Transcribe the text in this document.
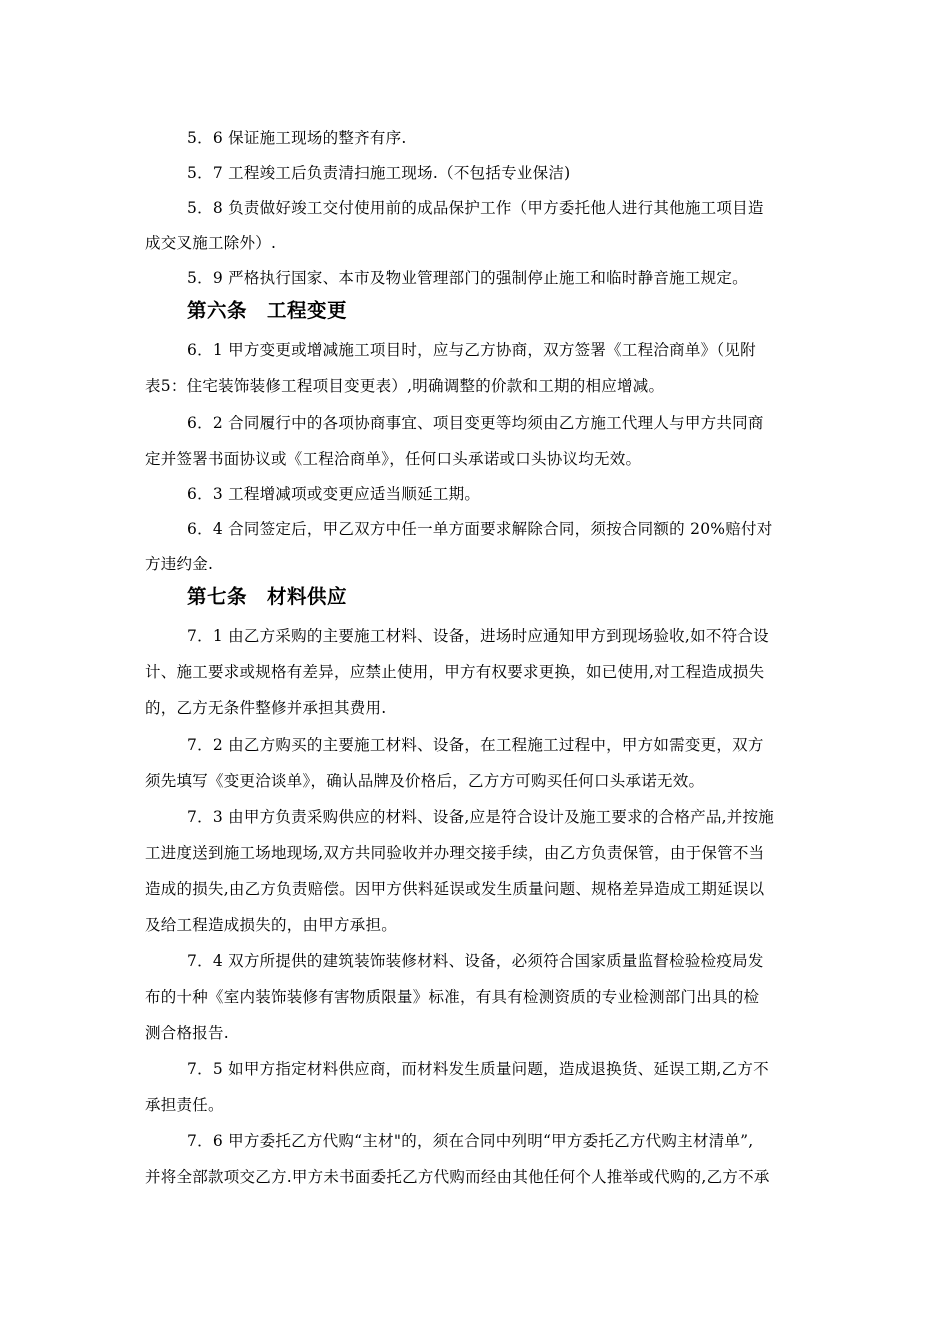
5．6 保证施工现场的整齐有序.
5．7 工程竣工后负责清扫施工现场.（不包括专业保洁)
5．8 负责做好竣工交付使用前的成品保护工作（甲方委托他人进行其他施工项目造
成交叉施工除外）.
5．9 严格执行国家、本市及物业管理部门的强制停止施工和临时静音施工规定。
第六条　工程变更
6．1 甲方变更或增减施工项目时，应与乙方协商，双方签署《工程洽商单》（见附
表5：住宅装饰装修工程项目变更表）,明确调整的价款和工期的相应增减。
6．2 合同履行中的各项协商事宜、项目变更等均须由乙方施工代理人与甲方共同商
定并签署书面协议或《工程洽商单》，任何口头承诺或口头协议均无效。
6．3 工程增减项或变更应适当顺延工期。
6．4 合同签定后，甲乙双方中任一单方面要求解除合同，须按合同额的 20%赔付对
方违约金.
第七条　材料供应
7．1 由乙方采购的主要施工材料、设备，进场时应通知甲方到现场验收,如不符合设
计、施工要求或规格有差异，应禁止使用，甲方有权要求更换，如已使用,对工程造成损失
的，乙方无条件整修并承担其费用.
7．2 由乙方购买的主要施工材料、设备，在工程施工过程中，甲方如需变更，双方
须先填写《变更洽谈单》，确认品牌及价格后，乙方方可购买任何口头承诺无效。
7．3 由甲方负责采购供应的材料、设备,应是符合设计及施工要求的合格产品,并按施
工进度送到施工场地现场,双方共同验收并办理交接手续，由乙方负责保管，由于保管不当
造成的损失,由乙方负责赔偿。因甲方供料延误或发生质量问题、规格差异造成工期延误以
及给工程造成损失的，由甲方承担。
7．4 双方所提供的建筑装饰装修材料、设备，必须符合国家质量监督检验检疫局发
布的十种《室内装饰装修有害物质限量》标准，有具有检测资质的专业检测部门出具的检
测合格报告.
7．5 如甲方指定材料供应商，而材料发生质量问题，造成退换货、延误工期,乙方不
承担责任。
7．6 甲方委托乙方代购“主材"的，须在合同中列明“甲方委托乙方代购主材清单”,
并将全部款项交乙方.甲方未书面委托乙方代购而经由其他任何个人推举或代购的,乙方不承
